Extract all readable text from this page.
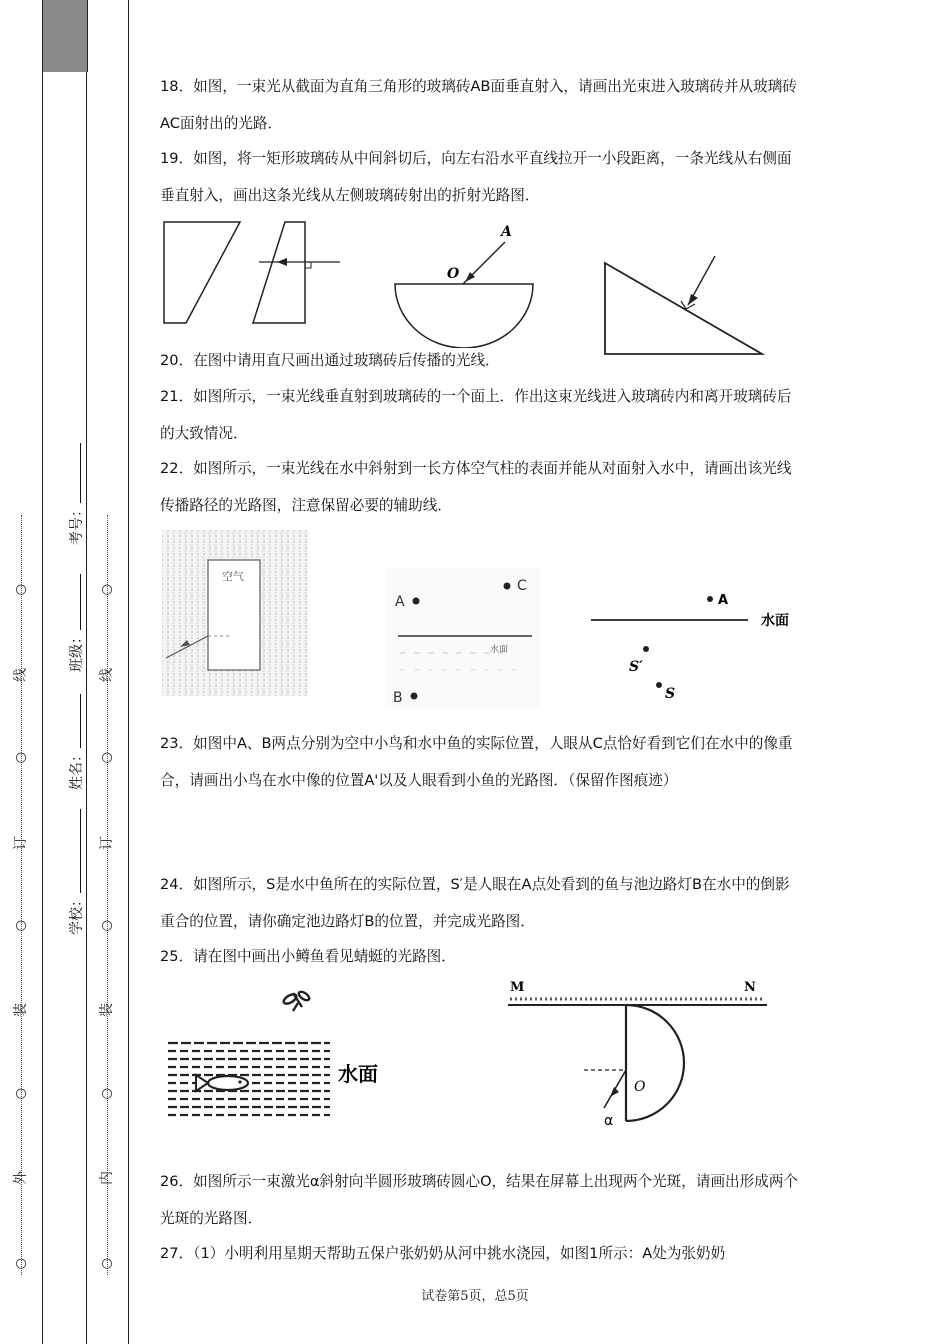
○
线
○
订
○
装
○
外
○
○
线
○
订
○
装
○
内
○
学校：
姓名：
班级：
考号：
18．如图，一束光从截面为直角三角形的玻璃砖AB面垂直射入，请画出光束进入玻璃砖并从玻璃砖AC面射出的光路．
19．如图，将一矩形玻璃砖从中间斜切后，向左右沿水平直线拉开一小段距离，一条光线从右侧面垂直射入，画出这条光线从左侧玻璃砖射出的折射光路图．
A
O
20．在图中请用直尺画出通过玻璃砖后传播的光线．
21．如图所示，一束光线垂直射到玻璃砖的一个面上．作出这束光线进入玻璃砖内和离开玻璃砖后的大致情况．
22．如图所示，一束光线在水中斜射到一长方体空气柱的表面并能从对面射入水中，请画出该光线传播路径的光路图，注意保留必要的辅助线．
空气
A
C
水面
B
A
水面
S′
S
23．如图中A、B两点分别为空中小鸟和水中鱼的实际位置，人眼从C点恰好看到它们在水中的像重合，请画出小鸟在水中像的位置A'以及人眼看到小鱼的光路图．（保留作图痕迹）
24．如图所示，S是水中鱼所在的实际位置，S′是人眼在A点处看到的鱼与池边路灯B在水中的倒影重合的位置，请你确定池边路灯B的位置，并完成光路图．
25．请在图中画出小鳟鱼看见蜻蜓的光路图．
水面
M	N
O
α
26．如图所示一束激光α斜射向半圆形玻璃砖圆心O，结果在屏幕上出现两个光斑，请画出形成两个光斑的光路图．
27．（1）小明利用星期天帮助五保户张奶奶从河中挑水浇园，如图1所示：A处为张奶奶
试卷第5页，总5页
